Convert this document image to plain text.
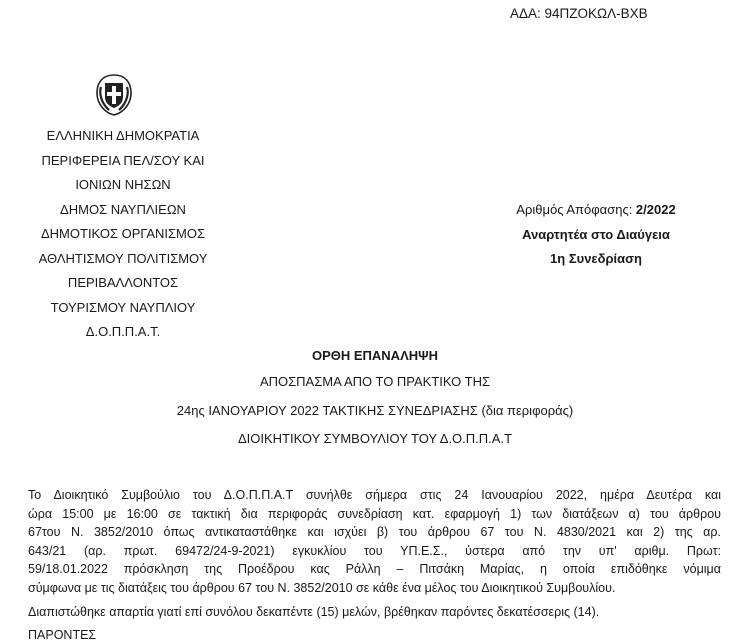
ΑΔΑ: 94ΠΖΟΚΩΛ-ΒΧΒ
ΕΛΛΗΝΙΚΗ ΔΗΜΟΚΡΑΤΙΑ
ΠΕΡΙΦΕΡΕΙΑ ΠΕΛ/ΣΟΥ ΚΑΙ
ΙΟΝΙΩΝ ΝΗΣΩΝ
ΔΗΜΟΣ ΝΑΥΠΛΙΕΩΝ
ΔΗΜΟΤΙΚΟΣ ΟΡΓΑΝΙΣΜΟΣ
ΑΘΛΗΤΙΣΜΟΥ ΠΟΛΙΤΙΣΜΟΥ
ΠΕΡΙΒΑΛΛΟΝΤΟΣ
ΤΟΥΡΙΣΜΟΥ ΝΑΥΠΛΙΟΥ
Δ.Ο.Π.Π.Α.Τ.
Αριθμός Απόφασης: 2/2022
Αναρτητέα στο Διαύγεια
1η Συνεδρίαση
ΟΡΘΗ ΕΠΑΝΑΛΗΨΗ
ΑΠΟΣΠΑΣΜΑ ΑΠΟ ΤΟ ΠΡΑΚΤΙΚΟ ΤΗΣ
24ης ΙΑΝΟΥΑΡΙΟΥ 2022 ΤΑΚΤΙΚΗΣ ΣΥΝΕΔΡΙΑΣΗΣ (δια περιφοράς)
ΔΙΟΙΚΗΤΙΚΟΥ ΣΥΜΒΟΥΛΙΟΥ ΤΟΥ Δ.Ο.Π.Π.Α.Τ
Το Διοικητικό Συμβούλιο του Δ.Ο.Π.Π.Α.Τ συνήλθε σήμερα στις 24 Ιανουαρίου 2022, ημέρα Δευτέρα και
ώρα 15:00 με 16:00 σε τακτική δια περιφοράς συνεδρίαση κατ. εφαρμογή 1) των διατάξεων α) του άρθρου
67του Ν. 3852/2010 όπως αντικαταστάθηκε και ισχύει β) του άρθρου 67 του Ν. 4830/2021 και 2) της αρ.
643/21 (αρ. πρωτ. 69472/24-9-2021) εγκυκλίου του ΥΠ.Ε.Σ., ύστερα από την υπ' αριθμ. Πρωτ:
59/18.01.2022 πρόσκληση της Προέδρου κας Ράλλη – Πιτσάκη Μαρίας, η οποία επιδόθηκε νόμιμα
σύμφωνα με τις διατάξεις του άρθρου 67 του Ν. 3852/2010 σε κάθε ένα μέλος του Διοικητικού Συμβουλίου.
Διαπιστώθηκε απαρτία γιατί επί συνόλου δεκαπέντε (15) μελών, βρέθηκαν παρόντες δεκατέσσερις (14).
ΠΑΡΟΝΤΕΣ
